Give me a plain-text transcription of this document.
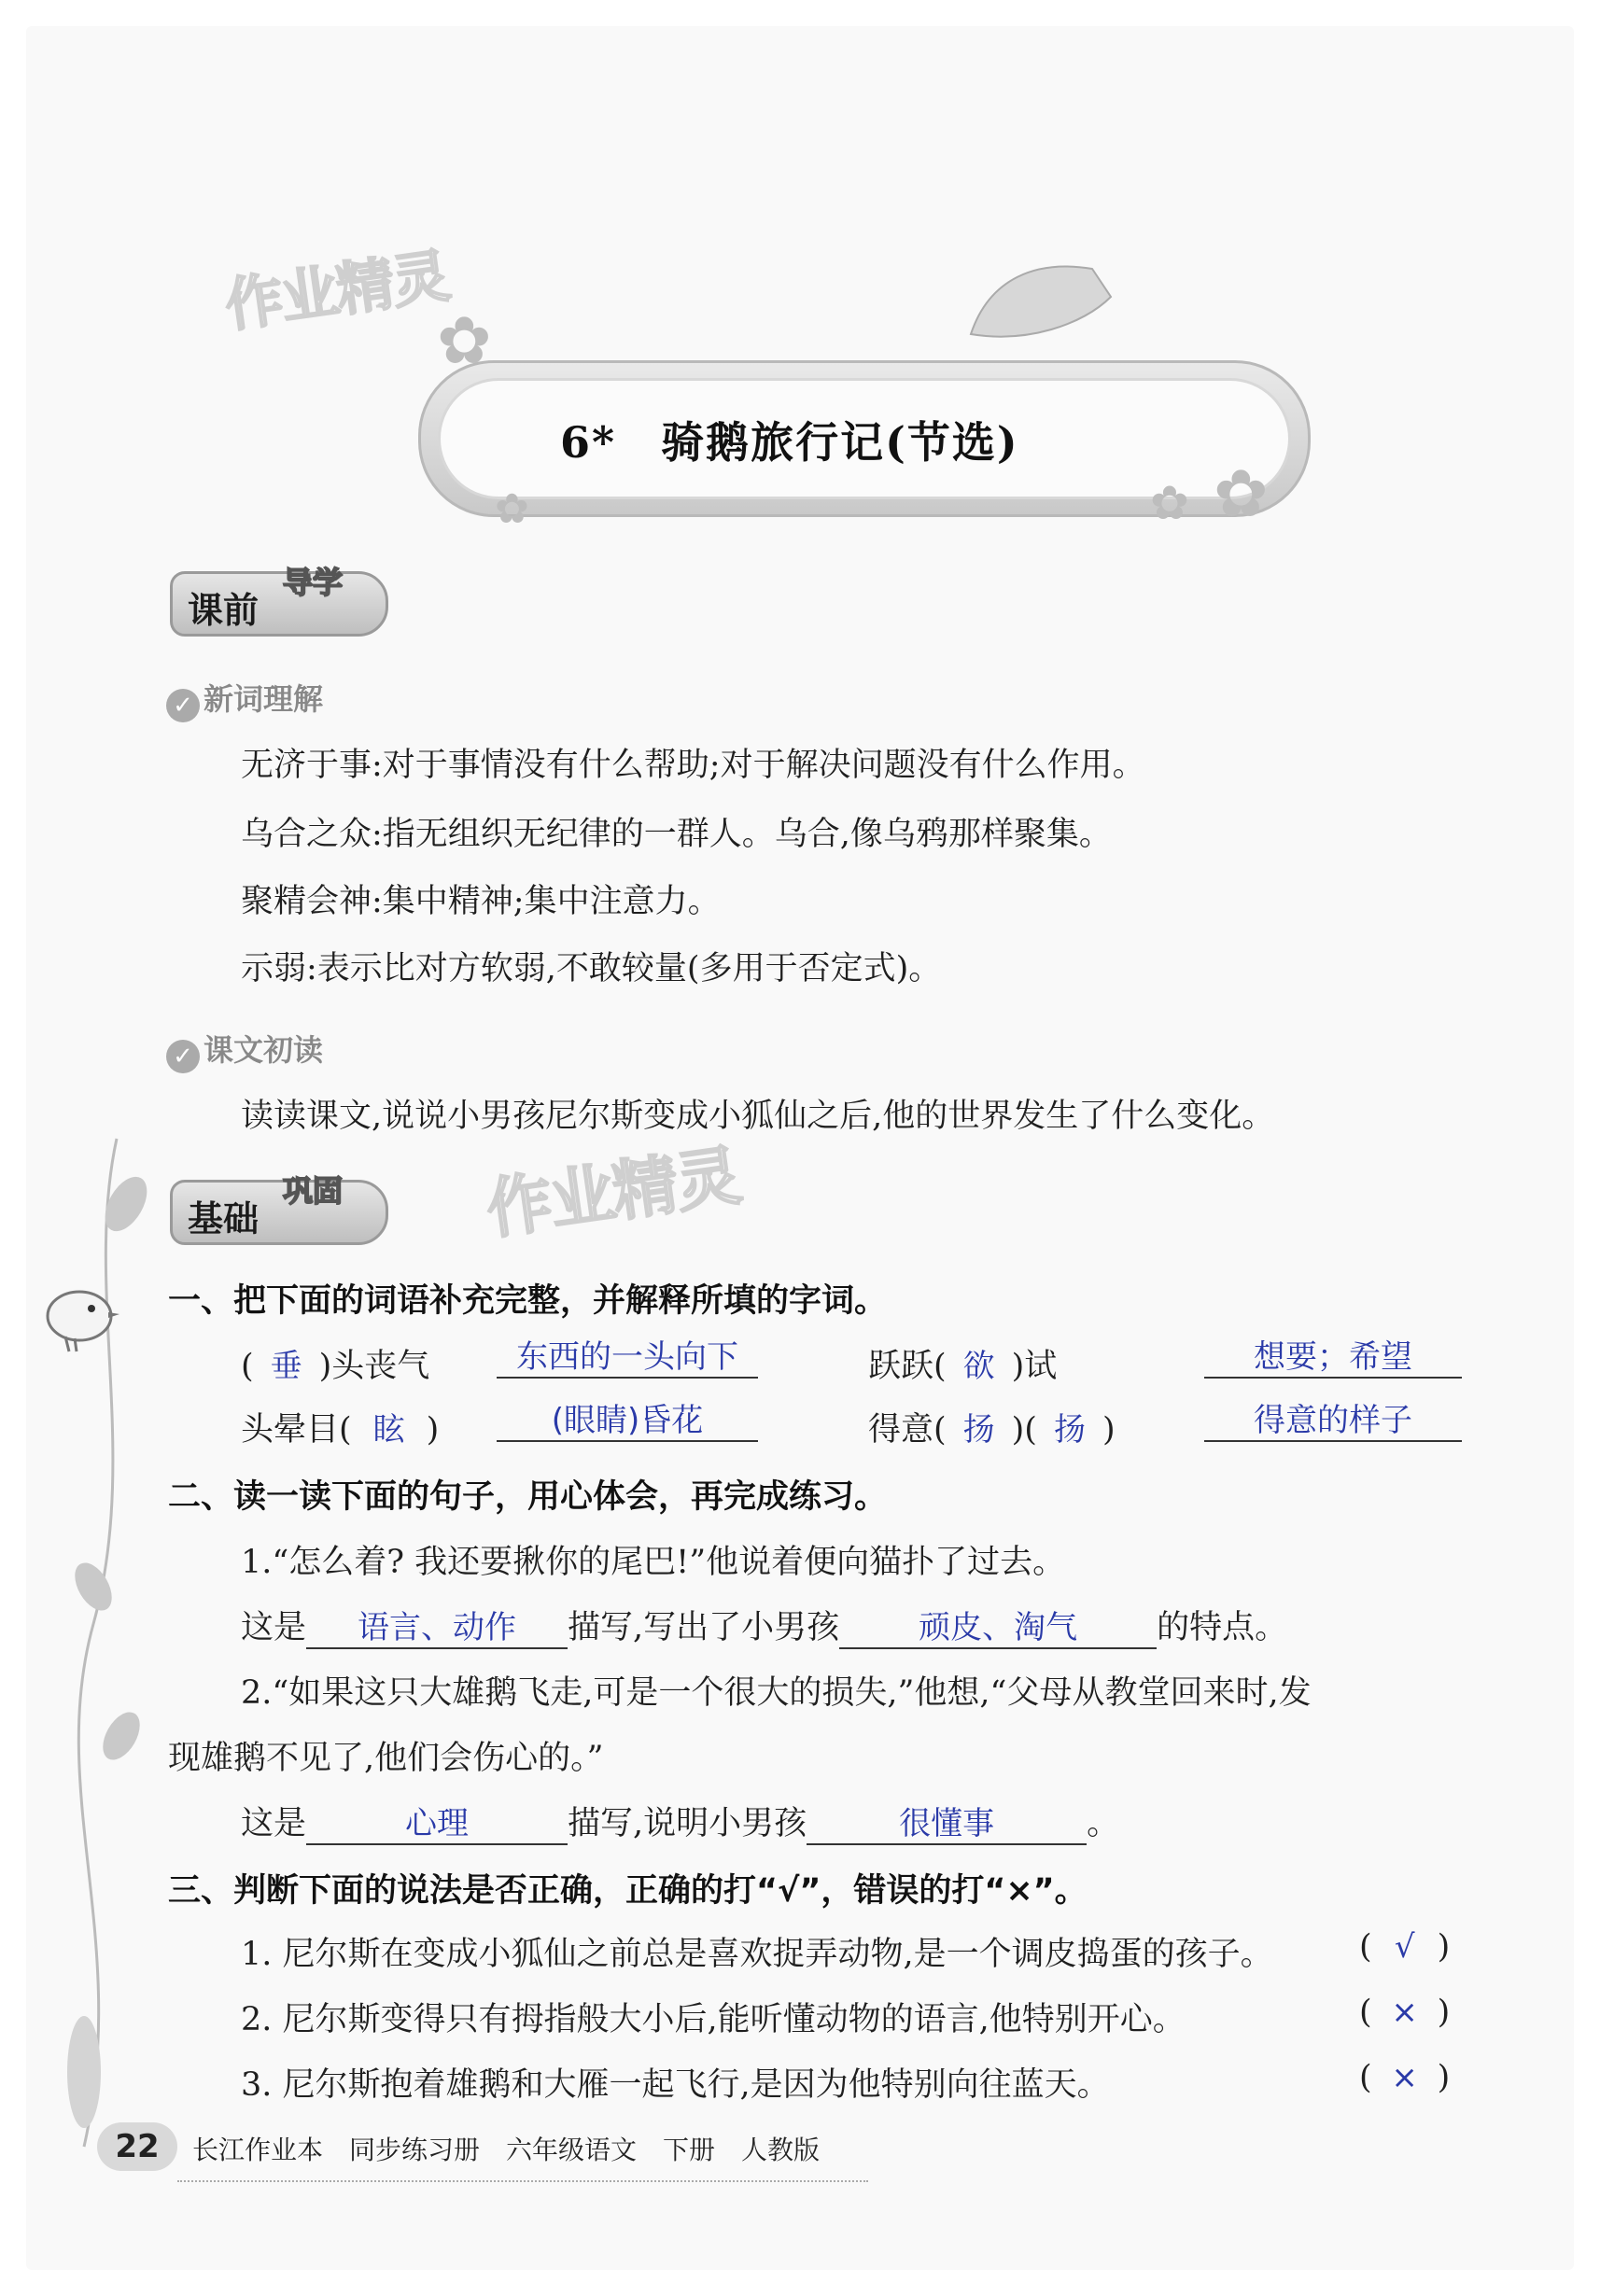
作业精灵
作业精灵
✿
✿
✿
✿
6*　骑鹅旅行记(节选)
课前
导学
✓ 新词理解
无济于事:对于事情没有什么帮助;对于解决问题没有什么作用。
乌合之众:指无组织无纪律的一群人。乌合,像乌鸦那样聚集。
聚精会神:集中精神;集中注意力。
示弱:表示比对方软弱,不敢较量(多用于否定式)。
✓ 课文初读
读读课文,说说小男孩尼尔斯变成小狐仙之后,他的世界发生了什么变化。
基础
巩固
一、把下面的词语补充完整，并解释所填的字词。
( 垂 )头丧气	东西的一头向下	跃跃( 欲 )试	想要；希望
头晕目( 眩 )	(眼睛)昏花	得意( 扬 )( 扬 )	得意的样子
二、读一读下面的句子，用心体会，再完成练习。
1.“怎么着? 我还要揪你的尾巴!”他说着便向猫扑了过去。
这是 语言、动作 描写,写出了小男孩	顽皮、淘气 的特点。
2.“如果这只大雄鹅飞走,可是一个很大的损失,”他想,“父母从教堂回来时,发
现雄鹅不见了,他们会伤心的。”
这是	心理	描写,说明小男孩	很懂事	。
三、判断下面的说法是否正确，正确的打“√”，错误的打“×”。
1. 尼尔斯在变成小狐仙之前总是喜欢捉弄动物,是一个调皮捣蛋的孩子。	( √ )
2. 尼尔斯变得只有拇指般大小后,能听懂动物的语言,他特别开心。	( × )
3. 尼尔斯抱着雄鹅和大雁一起飞行,是因为他特别向往蓝天。	( × )
22	长江作业本　同步练习册　六年级语文　下册　人教版
